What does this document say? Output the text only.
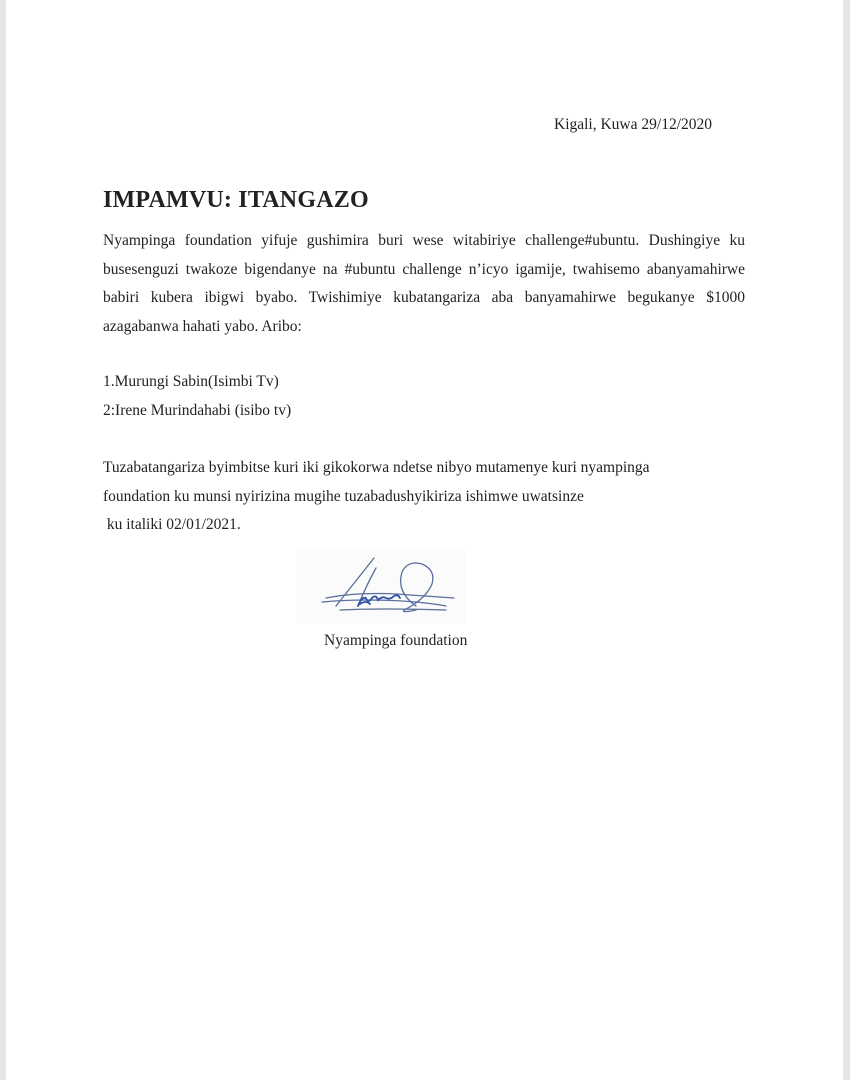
Kigali, Kuwa 29/12/2020
IMPAMVU: ITANGAZO

Nyampinga foundation yifuje gushimira buri wese witabiriye challenge#ubuntu. Dushingiye ku busesenguzi twakoze bigendanye na #ubuntu challenge n’icyo igamije, twahisemo abanyamahirwe babiri kubera ibigwi byabo. Twishimiye kubatangariza aba banyamahirwe begukanye $1000 azagabanwa hahati yabo. Aribo:

1.Murungi Sabin(Isimbi Tv)
2:Irene Murindahabi (isibo tv)
Tuzabatangariza byimbitse kuri iki gikokorwa ndetse nibyo mutamenye kuri nyampinga
foundation ku munsi nyirizina mugihe tuzabadushyikiriza ishimwe uwatsinze
ku italiki 02/01/2021.
Nyampinga foundation
